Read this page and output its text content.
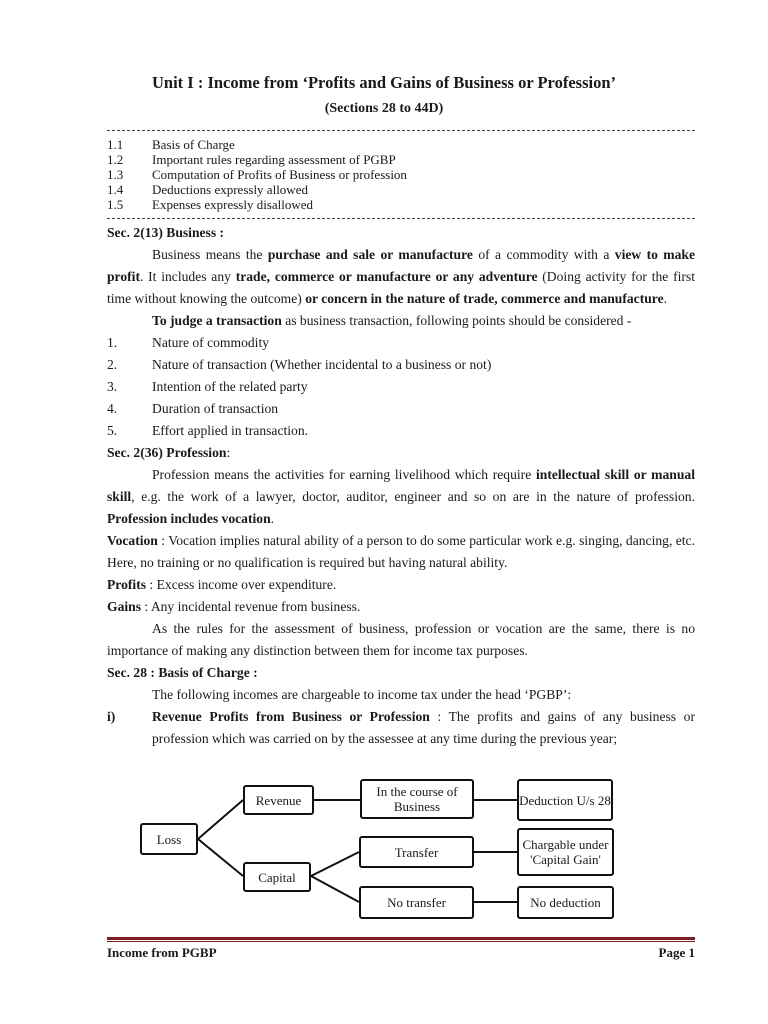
Unit I : Income from ‘Profits and Gains of Business or Profession’
(Sections 28 to 44D)
1.1 Basis of Charge
1.2 Important rules regarding assessment of PGBP
1.3 Computation of Profits of Business or profession
1.4 Deductions expressly allowed
1.5 Expenses expressly disallowed

Sec. 2(13) Business :

Business means the purchase and sale or manufacture of a commodity with a view to make profit. It includes any trade, commerce or manufacture or any adventure (Doing activity for the first time without knowing the outcome) or concern in the nature of trade, commerce and manufacture.

To judge a transaction as business transaction, following points should be considered -

1.	Nature of commodity

2.	Nature of transaction (Whether incidental to a business or not)

3.	Intention of the related party

4.	Duration of transaction

5.	Effort applied in transaction.

Sec. 2(36) Profession:

Profession means the activities for earning livelihood which require intellectual skill or manual skill, e.g. the work of a lawyer, doctor, auditor, engineer and so on are in the nature of profession. Profession includes vocation.

Vocation : Vocation implies natural ability of a person to do some particular work e.g. singing, dancing, etc. Here, no training or no qualification is required but having natural ability.

Profits : Excess income over expenditure.

Gains : Any incidental revenue from business.

As the rules for the assessment of business, profession or vocation are the same, there is no importance of making any distinction between them for income tax purposes.

Sec. 28 : Basis of Charge :

The following incomes are chargeable to income tax under the head ‘PGBP’:

i)	Revenue Profits from Business or Profession : The profits and gains of any business or profession which was carried on by the assessee at any time during the previous year;

Loss
Revenue
Capital
In the course of Business	Deduction U/s 28
Transfer	Chargable under 'Capital Gain'
No transfer	No deduction
Income from PGBP	Page 1
